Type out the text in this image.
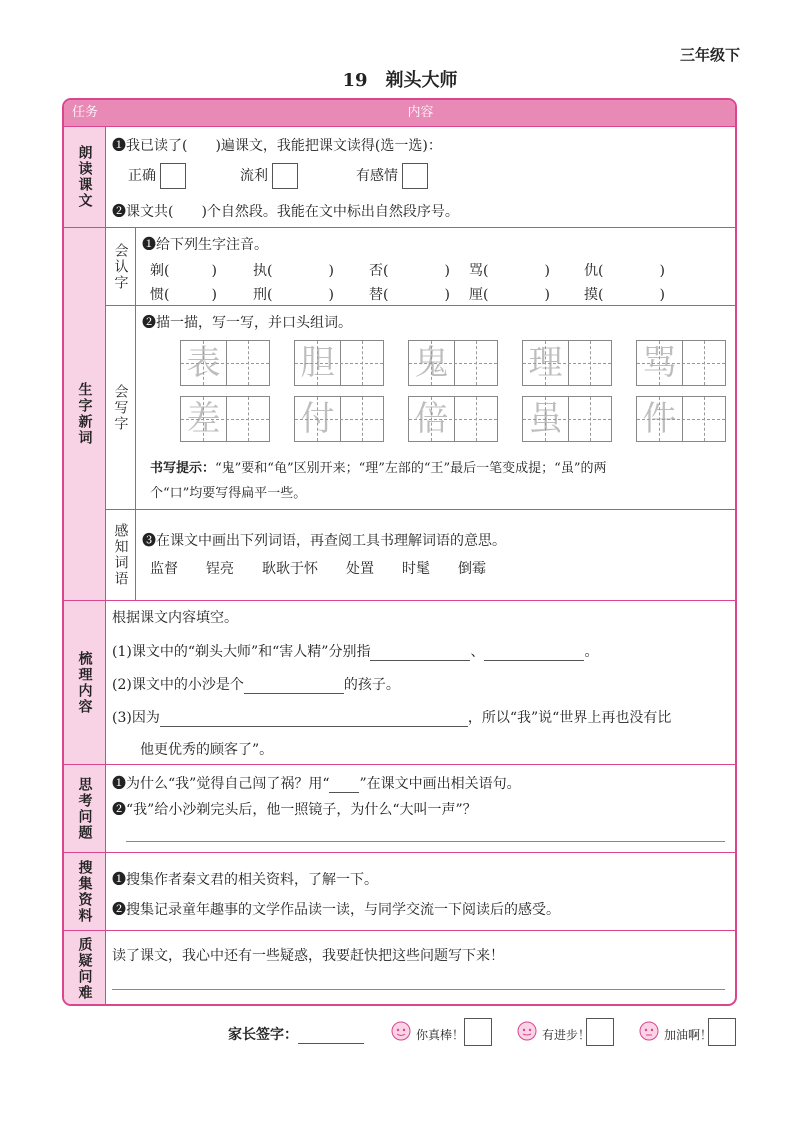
三年级下
19 剃头大师
任务	内容
朗读课文 ❶我已读了(　　)遍课文，我能把课文读得(选一选)：
正确	流利	有感情
❷课文共(　　)个自然段。我能在文中标出自然段序号。
生字新词
会认字 ❶给下列生字注音。
剃(　　　)	执(　　　　)	否(　　　　) 骂(　　　　) 仇(　　　　)
惯(　　　)	刑(　　　　)	替(　　　　) 厘(　　　　) 摸(　　　　)
会写字
❷描一描，写一写，并口头组词。
书写提示：“鬼”要和“龟”区别开来；“理”左部的“王”最后一笔变成提；“虽”的两
个“口”均要写得扁平一些。
表 胆 鬼 理 骂
差 付 倍 虽 件
感知词语 ❸在课文中画出下列词语，再查阅工具书理解词语的意思。
监督 锃亮 耿耿于怀 处置 时髦 倒霉
梳理内容
根据课文内容填空。
(1)课文中的“剃头大师”和“害人精”分别指	、	。
(2)课文中的小沙是个	的孩子。
(3)因为	，所以“我”说“世界上再也没有比
他更优秀的顾客了”。
思考问题 ❶为什么“我”觉得自己闯了祸？用“ ”在课文中画出相关语句。
❷“我”给小沙剃完头后，他一照镜子，为什么“大叫一声”？
搜集资料 ❶搜集作者秦文君的相关资料，了解一下。
❷搜集记录童年趣事的文学作品读一读，与同学交流一下阅读后的感受。
质疑问难 读了课文，我心中还有一些疑惑，我要赶快把这些问题写下来！
家长签字：	你真棒！	有进步！	加油啊！
